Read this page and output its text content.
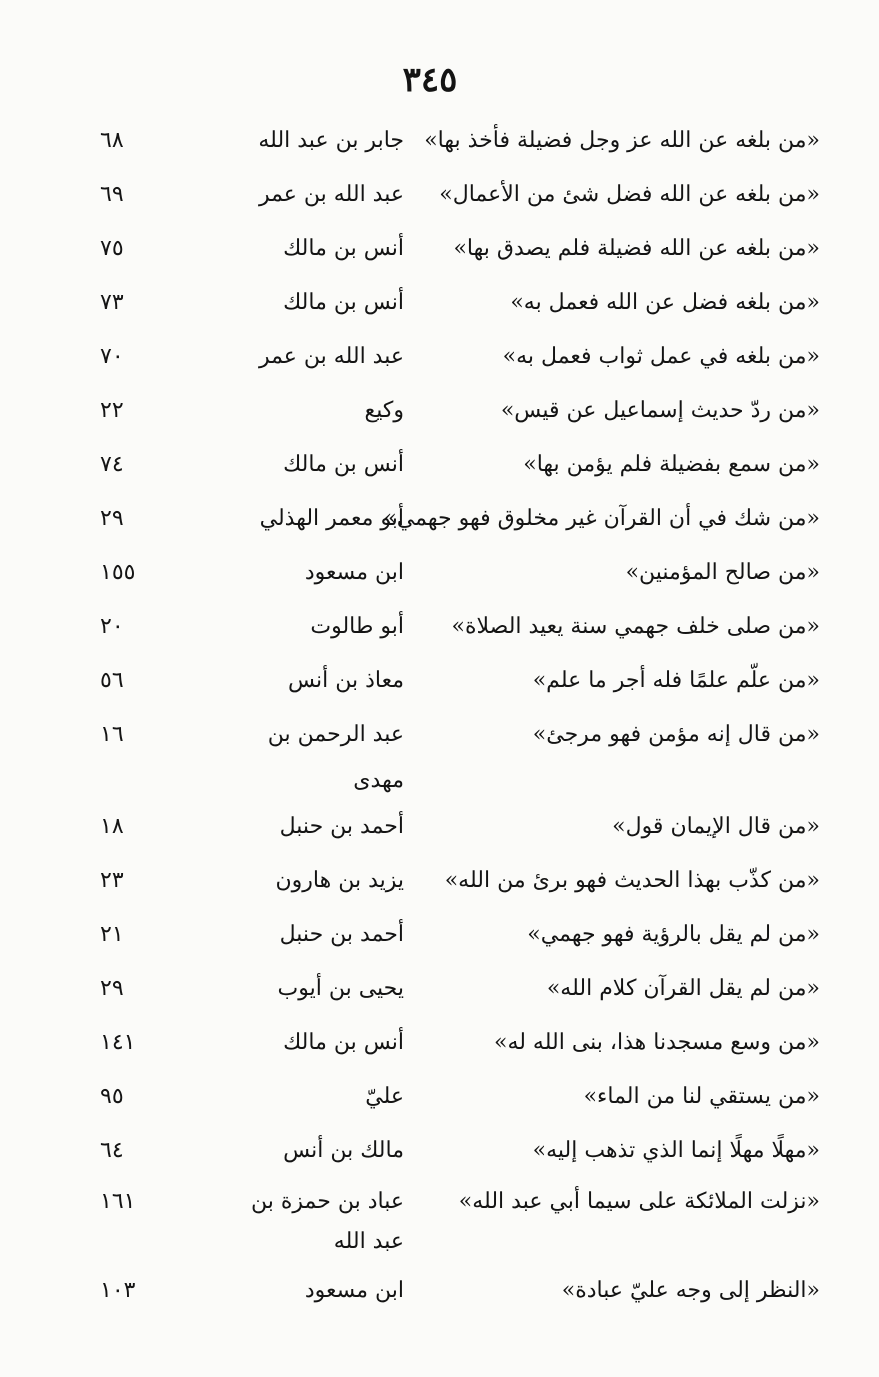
٣٤٥
«من بلغه عن الله عز وجل فضيلة فأخذ بها»
جابر بن عبد الله
٦٨
«من بلغه عن الله فضل شئ من الأعمال»
عبد الله بن عمر
٦٩
«من بلغه عن الله فضيلة فلم يصدق بها»
أنس بن مالك
٧٥
«من بلغه فضل عن الله فعمل به»
أنس بن مالك
٧٣
«من بلغه في عمل ثواب فعمل به»
عبد الله بن عمر
٧٠
«من ردّ حديث إسماعيل عن قيس»
وكيع
٢٢
«من سمع بفضيلة فلم يؤمن بها»
أنس بن مالك
٧٤
«من شك في أن القرآن غير مخلوق فهو جهمي»
أبو معمر الهذلي
٢٩
«من صالح المؤمنين»
ابن مسعود
١٥٥
«من صلى خلف جهمي سنة يعيد الصلاة»
أبو طالوت
٢٠
«من علّم علمًا فله أجر ما علم»
معاذ بن أنس
٥٦
«من قال إنه مؤمن فهو مرجئ»
عبد الرحمن بن مهدى
١٦
«من قال الإيمان قول»
أحمد بن حنبل
١٨
«من كذّب بهذا الحديث فهو برئ من الله»
يزيد بن هارون
٢٣
«من لم يقل بالرؤية فهو جهمي»
أحمد بن حنبل
٢١
«من لم يقل القرآن كلام الله»
يحيى بن أيوب
٢٩
«من وسع مسجدنا هذا، بنى الله له»
أنس بن مالك
١٤١
«من يستقي لنا من الماء»
عليّ
٩٥
«مهلًا مهلًا إنما الذي تذهب إليه»
مالك بن أنس
٦٤
«نزلت الملائكة على سيما أبي عبد الله»
عباد بن حمزة بن عبد الله
١٦١
«النظر إلى وجه عليّ عبادة»
ابن مسعود
١٠٣
